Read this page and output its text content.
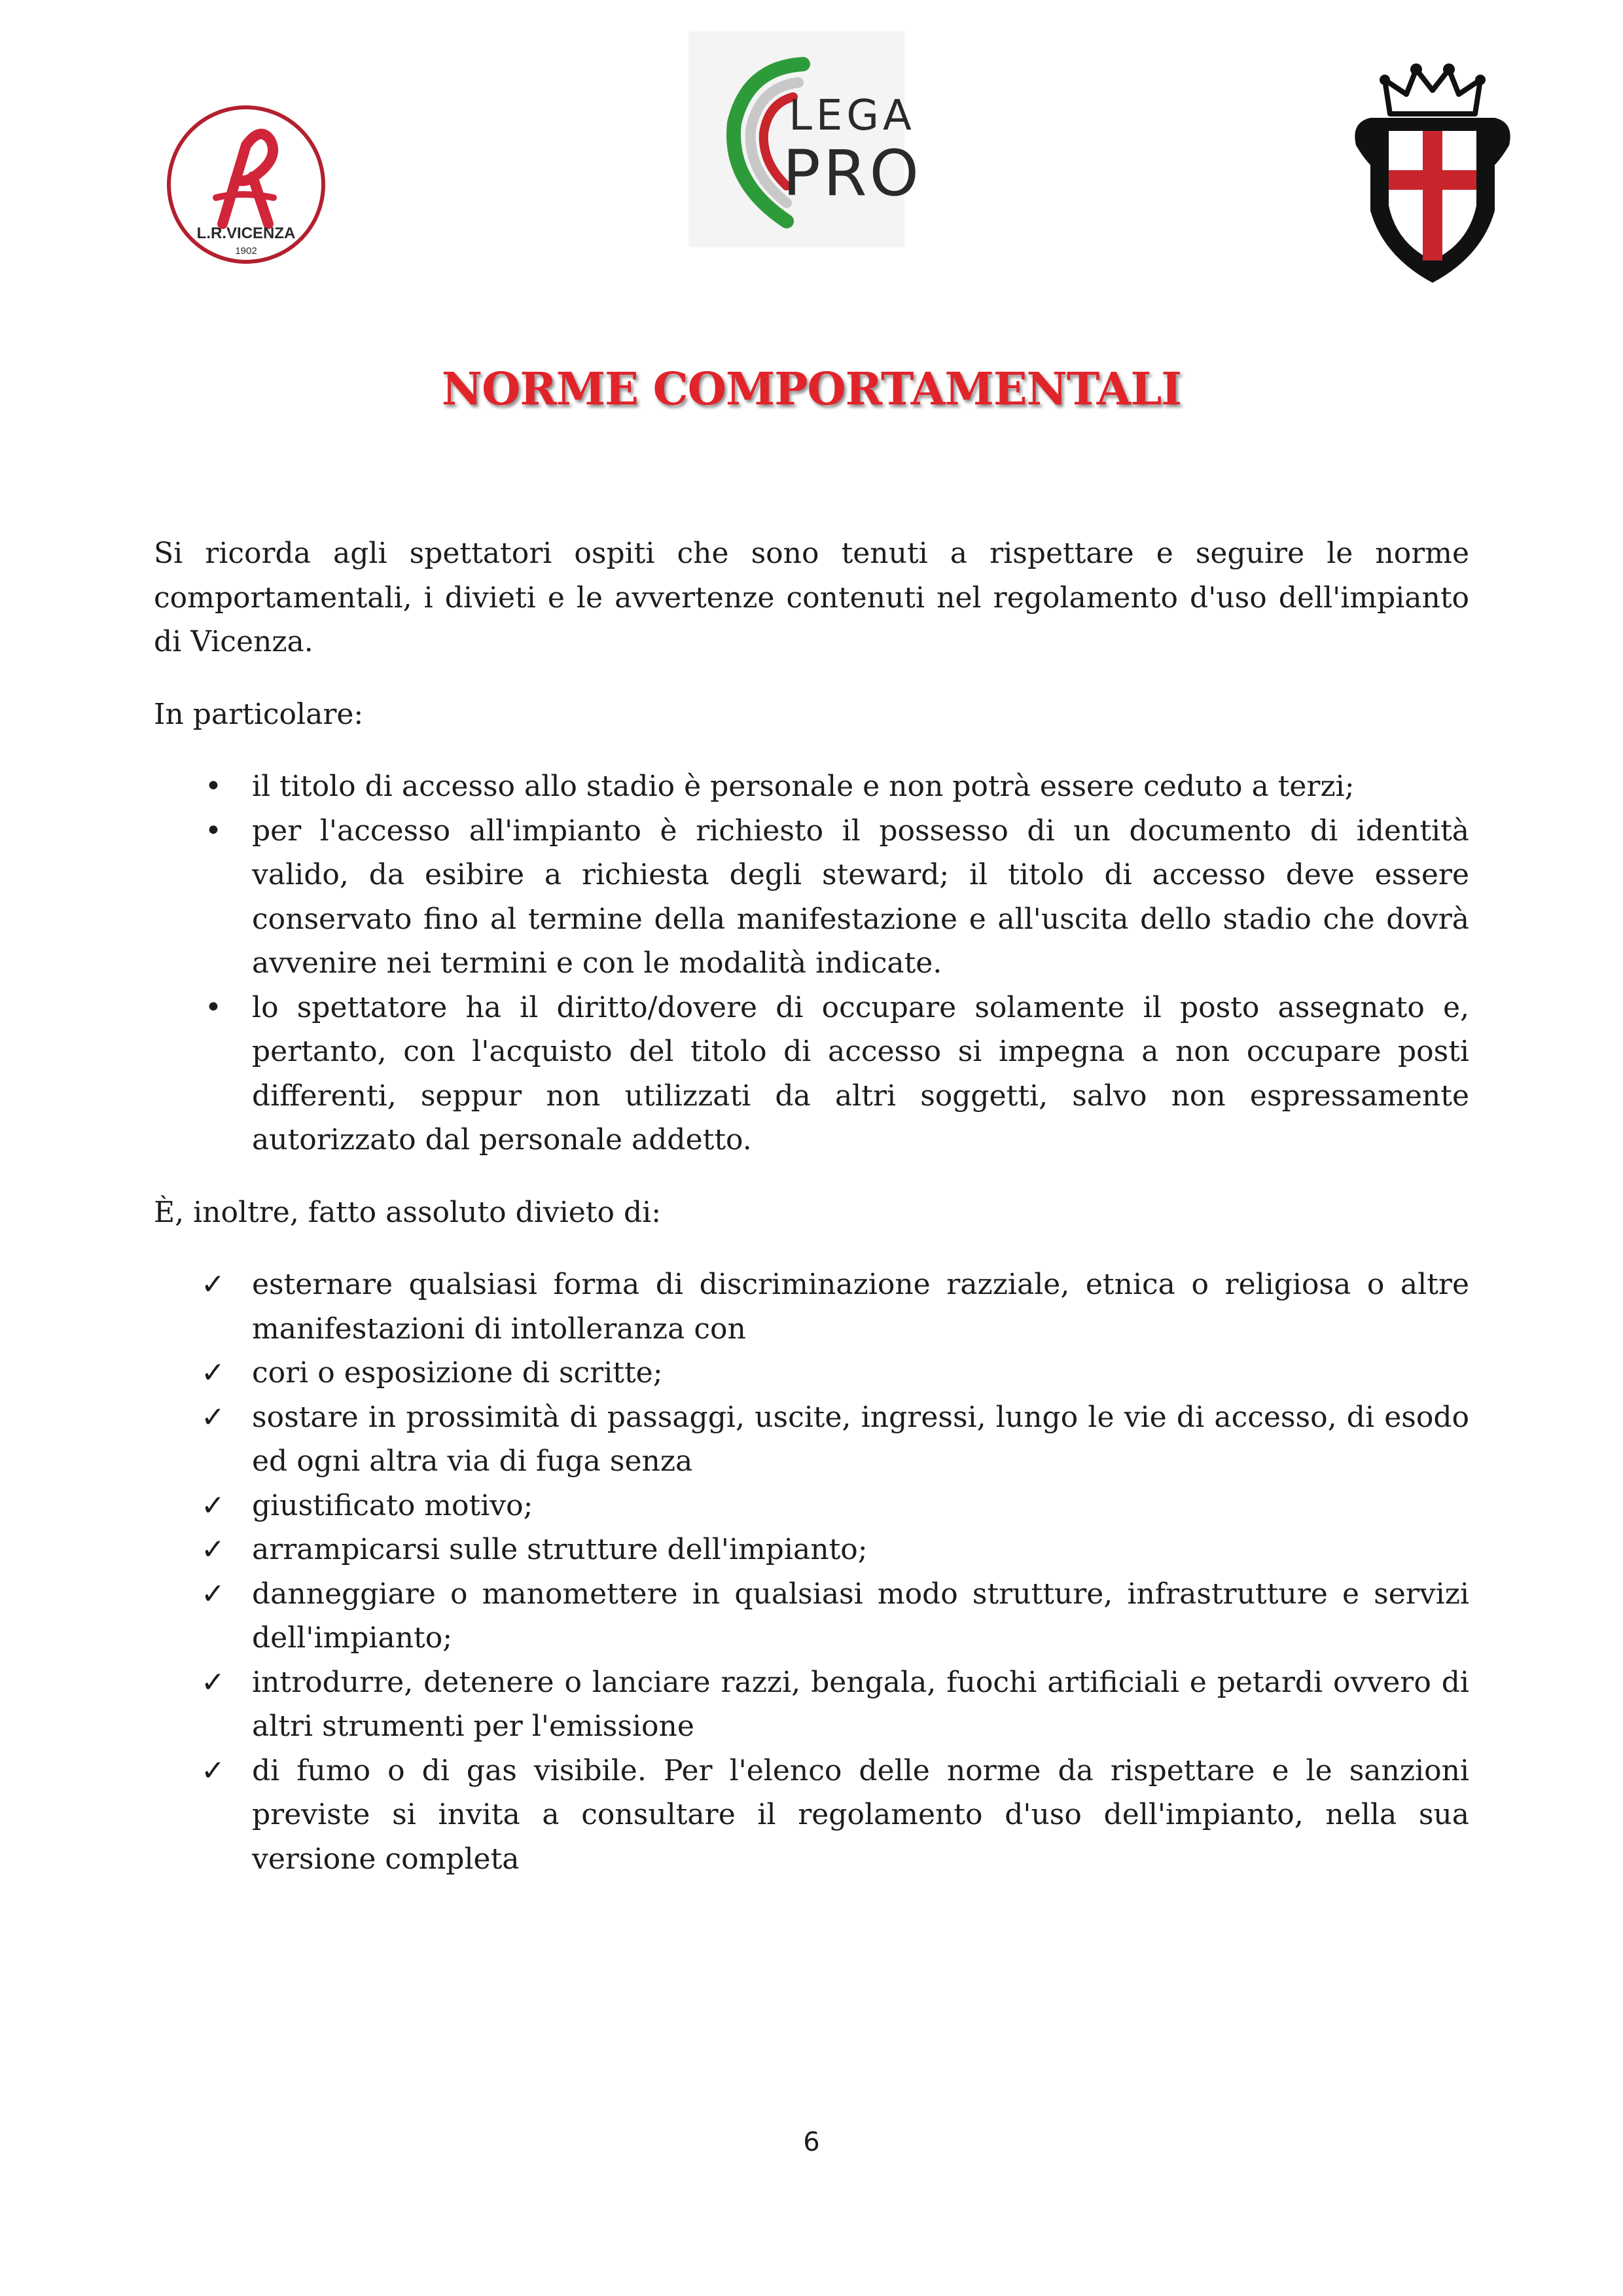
L.R.VICENZA
1902
LEGA
PRO
NORME COMPORTAMENTALI

Si ricorda agli spettatori ospiti che sono tenuti a rispettare e seguire le norme comportamentali, i divieti e le avvertenze contenuti nel regolamento d'uso dell'impianto di Vicenza.

In particolare:

• il titolo di accesso allo stadio è personale e non potrà essere ceduto a terzi;
• per l'accesso all'impianto è richiesto il possesso di un documento di identità valido, da esibire a richiesta degli steward; il titolo di accesso deve essere conservato fino al termine della manifestazione e all'uscita dello stadio che dovrà avvenire nei termini e con le modalità indicate.
• lo spettatore ha il diritto/dovere di occupare solamente il posto assegnato e, pertanto, con l'acquisto del titolo di accesso si impegna a non occupare posti differenti, seppur non utilizzati da altri soggetti, salvo non espressamente autorizzato dal personale addetto.

È, inoltre, fatto assoluto divieto di:

✓ esternare qualsiasi forma di discriminazione razziale, etnica o religiosa o altre manifestazioni di intolleranza con
✓ cori o esposizione di scritte;
✓ sostare in prossimità di passaggi, uscite, ingressi, lungo le vie di accesso, di esodo ed ogni altra via di fuga senza
✓ giustificato motivo;
✓ arrampicarsi sulle strutture dell'impianto;
✓ danneggiare o manomettere in qualsiasi modo strutture, infrastrutture e servizi dell'impianto;
✓ introdurre, detenere o lanciare razzi, bengala, fuochi artificiali e petardi ovvero di altri strumenti per l'emissione
✓ di fumo o di gas visibile. Per l'elenco delle norme da rispettare e le sanzioni previste si invita a consultare il regolamento d'uso dell'impianto, nella sua versione completa
6
